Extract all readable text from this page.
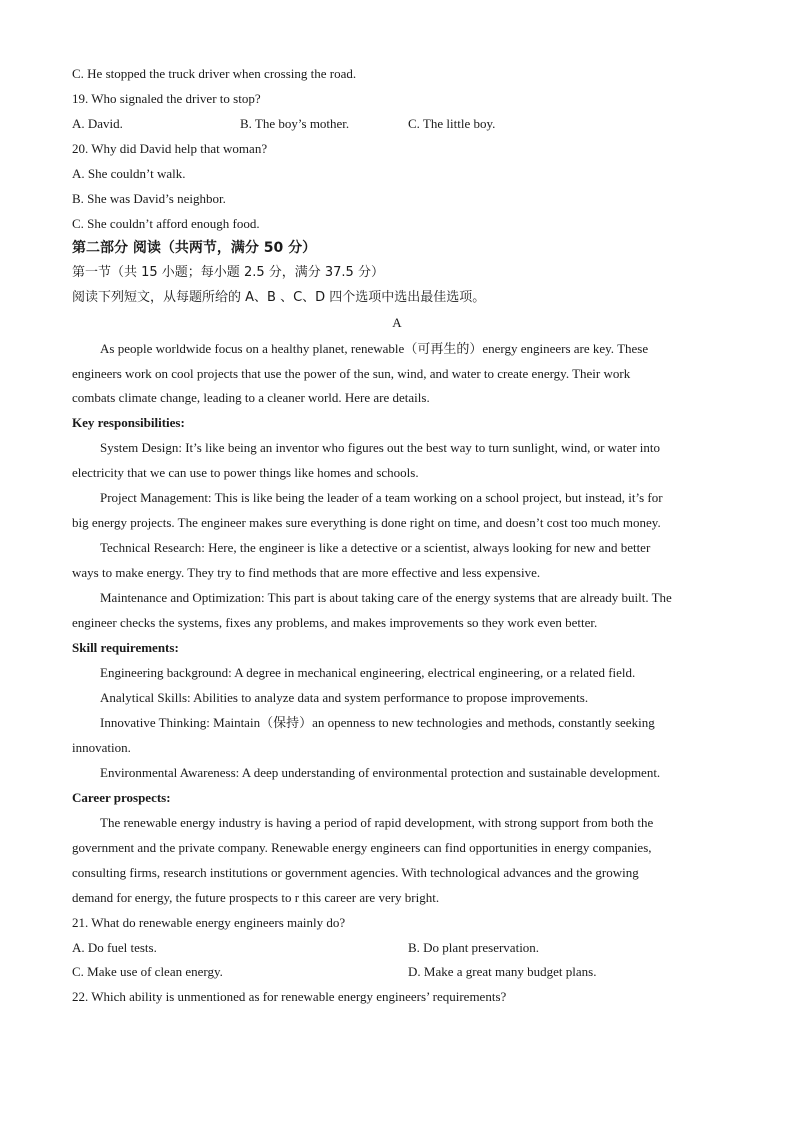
C. He stopped the truck driver when crossing the road.
19. Who signaled the driver to stop?
A. David.	B. The boy’s mother.	C. The little boy.
20. Why did David help that woman?
A. She couldn’t walk.
B. She was David’s neighbor.
C. She couldn’t afford enough food.
第二部分 阅读（共两节，满分 50 分）
第一节（共 15 小题；每小题 2.5 分，满分 37.5 分）
阅读下列短文，从每题所给的 A、B 、C、D 四个选项中选出最佳选项。
A
As people worldwide focus on a healthy planet, renewable（可再生的）energy engineers are key. These
engineers work on cool projects that use the power of the sun, wind, and water to create energy. Their work
combats climate change, leading to a cleaner world. Here are details.
Key responsibilities:
System Design: It’s like being an inventor who figures out the best way to turn sunlight, wind, or water into
electricity that we can use to power things like homes and schools.
Project Management: This is like being the leader of a team working on a school project, but instead, it’s for
big energy projects. The engineer makes sure everything is done right on time, and doesn’t cost too much money.
Technical Research: Here, the engineer is like a detective or a scientist, always looking for new and better
ways to make energy. They try to find methods that are more effective and less expensive.
Maintenance and Optimization: This part is about taking care of the energy systems that are already built. The
engineer checks the systems, fixes any problems, and makes improvements so they work even better.
Skill requirements:
Engineering background: A degree in mechanical engineering, electrical engineering, or a related field.
Analytical Skills: Abilities to analyze data and system performance to propose improvements.
Innovative Thinking: Maintain（保持）an openness to new technologies and methods, constantly seeking
innovation.
Environmental Awareness: A deep understanding of environmental protection and sustainable development.
Career prospects:
The renewable energy industry is having a period of rapid development, with strong support from both the
government and the private company. Renewable energy engineers can find opportunities in energy companies,
consulting firms, research institutions or government agencies. With technological advances and the growing
demand for energy, the future prospects to r this career are very bright.
21. What do renewable energy engineers mainly do?
A. Do fuel tests.	B. Do plant preservation.
C. Make use of clean energy.	D. Make a great many budget plans.
22. Which ability is unmentioned as for renewable energy engineers’ requirements?
